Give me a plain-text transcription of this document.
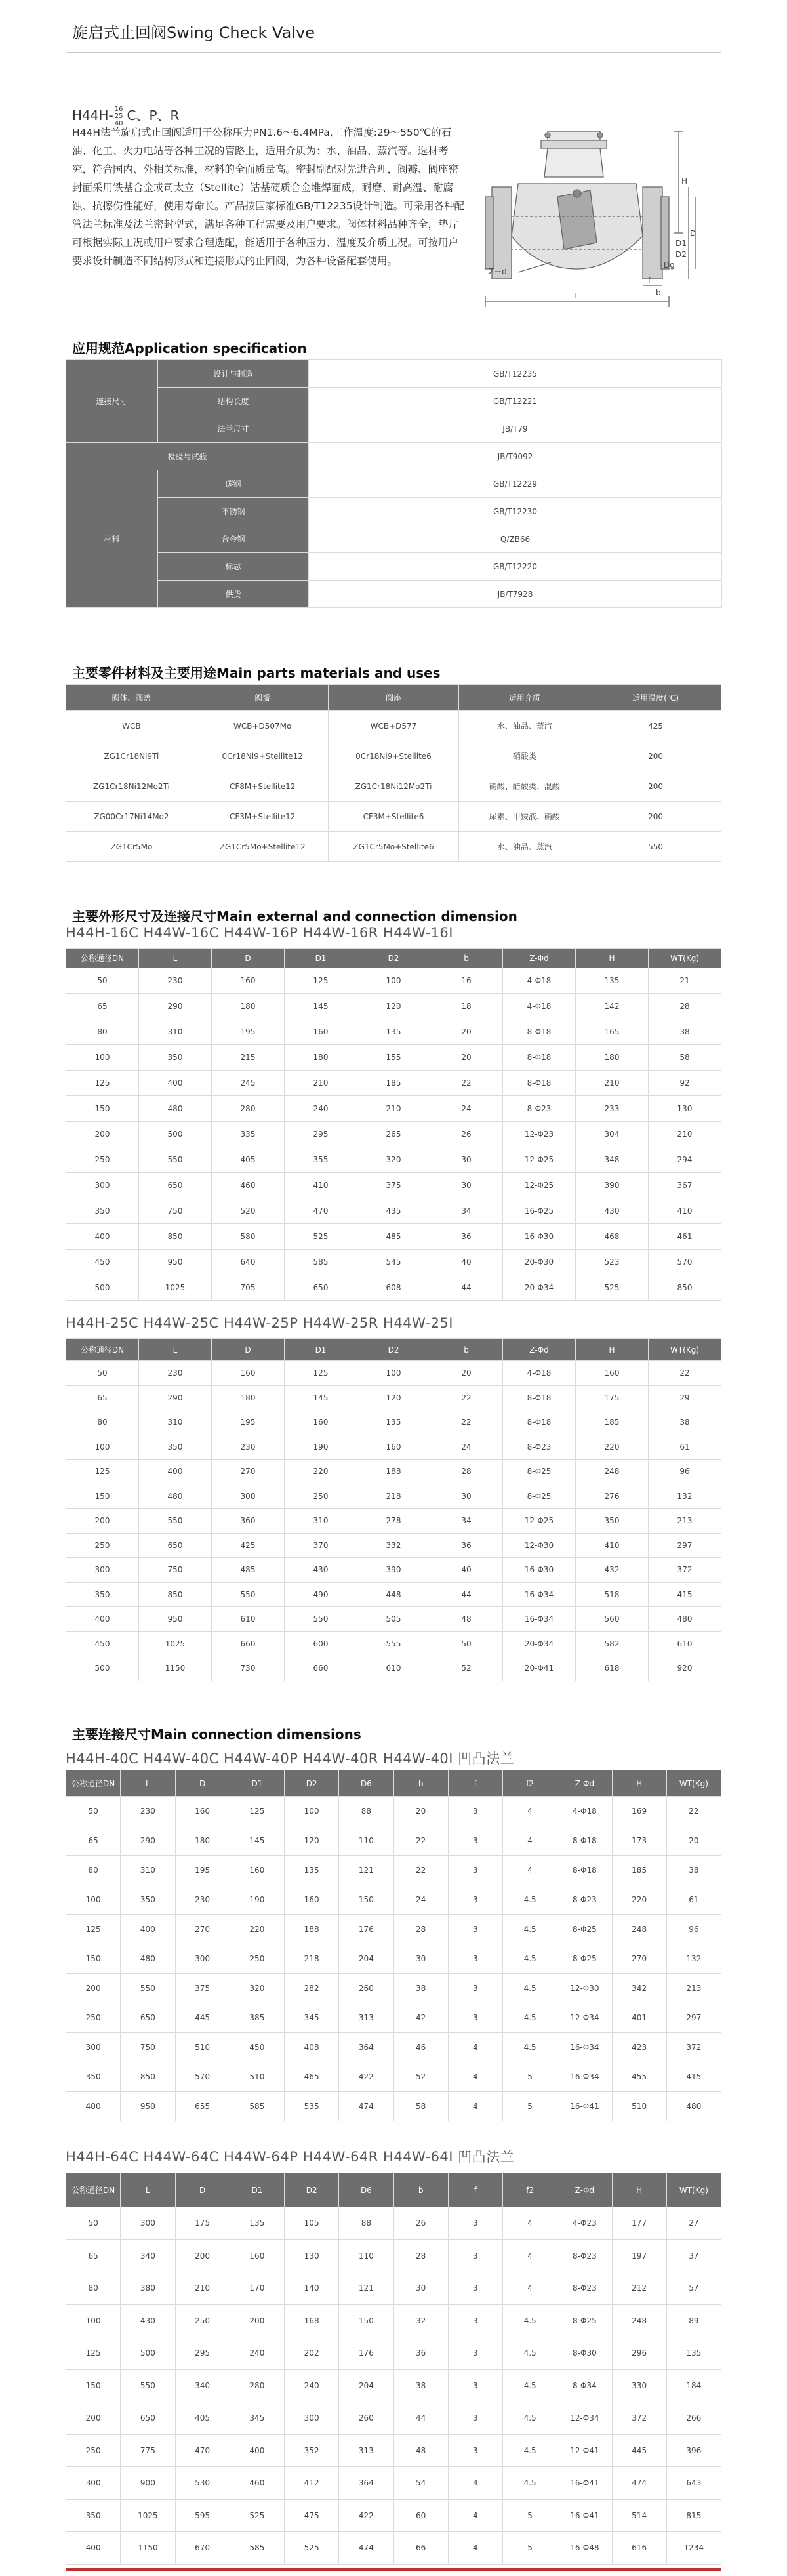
旋启式止回阀Swing Check Valve
H44H- 16
25
40C、P、R

H44H法兰旋启式止回阀适用于公称压力PN1.6～6.4MPa,工作温度:29～550℃的石油、化工、火力电站等各种工况的管路上，适用介质为：水、油品、蒸汽等。选材考究，符合国内、外相关标准，材料的全面质量高。密封副配对先进合理，阀瓣、阀座密封面采用铁基合金或司太立（Stellite）钴基硬质合金堆焊面成，耐磨、耐高温、耐腐蚀、抗擦伤性能好，使用寿命长。产品按国家标准GB/T12235设计制造。可采用各种配管法兰标准及法兰密封型式，满足各种工程需要及用户要求。阀体材料品种齐全，垫片可根据实际工况或用户要求合理选配，能适用于各种压力、温度及介质工况。可按用户要求设计制造不同结构形式和连接形式的止回阀，为各种设备配套使用。

H
D
D1
D2
Dg
Z－d
L
f
b
应用规范Application specification
连接尺寸	设计与制造	GB/T12235
	结构长度	GB/T12221
	法兰尺寸	JB/T79
检验与试验		JB/T9092
材料	碳钢	GB/T12229
	不锈钢	GB/T12230
	合金钢	Q/ZB66
	标志	GB/T12220
	供货	JB/T7928
主要零件材料及主要用途Main parts materials and uses
阀体、阀盖	阀瓣	阀座	适用介质	适用温度(℃)
WCB	WCB+D507Mo	WCB+D577	水、油品、蒸汽	425
ZG1Cr18Ni9Ti	0Cr18Ni9+Stellite12	0Cr18Ni9+Stellite6	硝酸类	200
ZG1Cr18Ni12Mo2Ti	CF8M+Stellite12	ZG1Cr18Ni12Mo2Ti	硝酸、醋酸类、混酸	200
ZG00Cr17Ni14Mo2	CF3M+Stellite12	CF3M+Stellite6	尿素、甲铵液、硝酸	200
ZG1Cr5Mo	ZG1Cr5Mo+Stellite12	ZG1Cr5Mo+Stellite6	水、油品、蒸汽	550
主要外形尺寸及连接尺寸Main external and connection dimension
H44H-16C H44W-16C H44W-16P H44W-16R H44W-16I
公称通径DN	L	D	D1	D2	b	Z-Φd	H	WT(Kg)
50	230	160	125	100	16	4-Φ18	135	21
65	290	180	145	120	18	4-Φ18	142	28
80	310	195	160	135	20	8-Φ18	165	38
100	350	215	180	155	20	8-Φ18	180	58
125	400	245	210	185	22	8-Φ18	210	92
150	480	280	240	210	24	8-Φ23	233	130
200	500	335	295	265	26	12-Φ23	304	210
250	550	405	355	320	30	12-Φ25	348	294
300	650	460	410	375	30	12-Φ25	390	367
350	750	520	470	435	34	16-Φ25	430	410
400	850	580	525	485	36	16-Φ30	468	461
450	950	640	585	545	40	20-Φ30	523	570
500	1025	705	650	608	44	20-Φ34	525	850
H44H-25C H44W-25C H44W-25P H44W-25R H44W-25I
公称通径DN	L	D	D1	D2	b	Z-Φd	H	WT(Kg)
50	230	160	125	100	20	4-Φ18	160	22
65	290	180	145	120	22	8-Φ18	175	29
80	310	195	160	135	22	8-Φ18	185	38
100	350	230	190	160	24	8-Φ23	220	61
125	400	270	220	188	28	8-Φ25	248	96
150	480	300	250	218	30	8-Φ25	276	132
200	550	360	310	278	34	12-Φ25	350	213
250	650	425	370	332	36	12-Φ30	410	297
300	750	485	430	390	40	16-Φ30	432	372
350	850	550	490	448	44	16-Φ34	518	415
400	950	610	550	505	48	16-Φ34	560	480
450	1025	660	600	555	50	20-Φ34	582	610
500	1150	730	660	610	52	20-Φ41	618	920
主要连接尺寸Main connection dimensions
H44H-40C H44W-40C H44W-40P H44W-40R H44W-40I 凹凸法兰
公称通径DN	L	D	D1	D2	D6	b	f	f2	Z-Φd	H	WT(Kg)
50	230	160	125	100	88	20	3	4	4-Φ18	169	22
65	290	180	145	120	110	22	3	4	8-Φ18	173	20
80	310	195	160	135	121	22	3	4	8-Φ18	185	38
100	350	230	190	160	150	24	3	4.5	8-Φ23	220	61
125	400	270	220	188	176	28	3	4.5	8-Φ25	248	96
150	480	300	250	218	204	30	3	4.5	8-Φ25	270	132
200	550	375	320	282	260	38	3	4.5	12-Φ30	342	213
250	650	445	385	345	313	42	3	4.5	12-Φ34	401	297
300	750	510	450	408	364	46	4	4.5	16-Φ34	423	372
350	850	570	510	465	422	52	4	5	16-Φ34	455	415
400	950	655	585	535	474	58	4	5	16-Φ41	510	480
H44H-64C H44W-64C H44W-64P H44W-64R H44W-64I 凹凸法兰
公称通径DN	L	D	D1	D2	D6	b	f	f2	Z-Φd	H	WT(Kg)
50	300	175	135	105	88	26	3	4	4-Φ23	177	27
65	340	200	160	130	110	28	3	4	8-Φ23	197	37
80	380	210	170	140	121	30	3	4	8-Φ23	212	57
100	430	250	200	168	150	32	3	4.5	8-Φ25	248	89
125	500	295	240	202	176	36	3	4.5	8-Φ30	296	135
150	550	340	280	240	204	38	3	4.5	8-Φ34	330	184
200	650	405	345	300	260	44	3	4.5	12-Φ34	372	266
250	775	470	400	352	313	48	3	4.5	12-Φ41	445	396
300	900	530	460	412	364	54	4	4.5	16-Φ41	474	643
350	1025	595	525	475	422	60	4	5	16-Φ41	514	815
400	1150	670	585	525	474	66	4	5	16-Φ48	616	1234
